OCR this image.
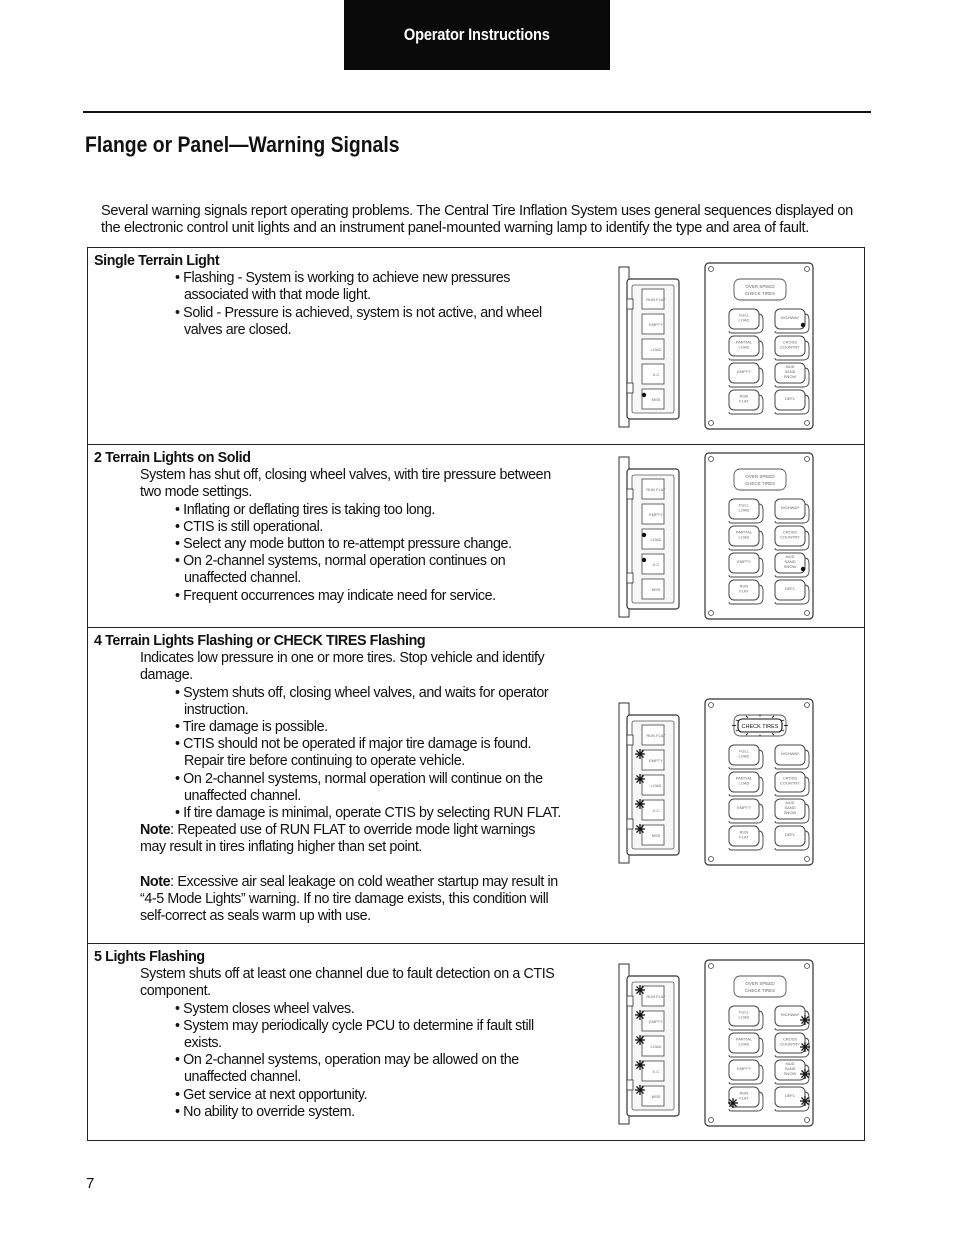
Operator Instructions
Flange or Panel—Warning Signals

Several warning signals report operating problems. The Central Tire Inflation System uses general sequences displayed on the electronic control unit lights and an instrument panel-mounted warning lamp to identify the type and area of fault.

Single Terrain Light
• Flashing - System is working to achieve new pressures associated with that mode light.
• Solid - Pressure is achieved, system is not active, and wheel valves are closed.
RUN FLAT
EMPTY
LOAD
X-C
MSS
OVER SPEED
CHECK TIRES
FULL
LOAD	HIGHWAY
PARTIAL
LOAD
CROSS
COUNTRY
EMPTY
MUD
SAND
SNOW
RUN
FLAT	DEFL
2 Terrain Lights on Solid
System has shut off, closing wheel valves, with tire pressure between two mode settings.
• Inflating or deflating tires is taking too long.
• CTIS is still operational.
• Select any mode button to re-attempt pressure change.
• On 2-channel systems, normal operation continues on unaffected channel.
• Frequent occurrences may indicate need for service.
RUN FLAT
EMPTY
LOAD
X-C
MSS
OVER SPEED
CHECK TIRES
FULL
LOAD	HIGHWAY
PARTIAL
LOAD
CROSS
COUNTRY
EMPTY
MUD
SAND
SNOW
RUN
FLAT	DEFL
4 Terrain Lights Flashing or CHECK TIRES Flashing
Indicates low pressure in one or more tires. Stop vehicle and identify damage.
• System shuts off, closing wheel valves, and waits for operator instruction.
• Tire damage is possible.
• CTIS should not be operated if major tire damage is found. Repair tire before continuing to operate vehicle.
• On 2-channel systems, normal operation will continue on the unaffected channel.
• If tire damage is minimal, operate CTIS by selecting RUN FLAT.
Note: Repeated use of RUN FLAT to override mode light warnings may result in tires inflating higher than set point.
Note: Excessive air seal leakage on cold weather startup may result in “4-5 Mode Lights” warning. If no tire damage exists, this condition will self-correct as seals warm up with use.
RUN FLAT
EMPTY
LOAD
X-C
MSS
CHECK TIRES
FULL
LOAD	HIGHWAY
PARTIAL
LOAD
CROSS
COUNTRY
EMPTY
MUD
SAND
SNOW
RUN
FLAT	DEFL
5 Lights Flashing
System shuts off at least one channel due to fault detection on a CTIS component.
• System closes wheel valves.
• System may periodically cycle PCU to determine if fault still exists.
• On 2-channel systems, operation may be allowed on the unaffected channel.
• Get service at next opportunity.
• No ability to override system.
RUN FLAT
EMPTY
LOAD
X-C
MSS
OVER SPEED
CHECK TIRES
FULL
LOAD	HIGHWAY
PARTIAL
LOAD
CROSS
COUNTRY
EMPTY
MUD
SAND
SNOW
RUN
FLAT	DEFL
7
